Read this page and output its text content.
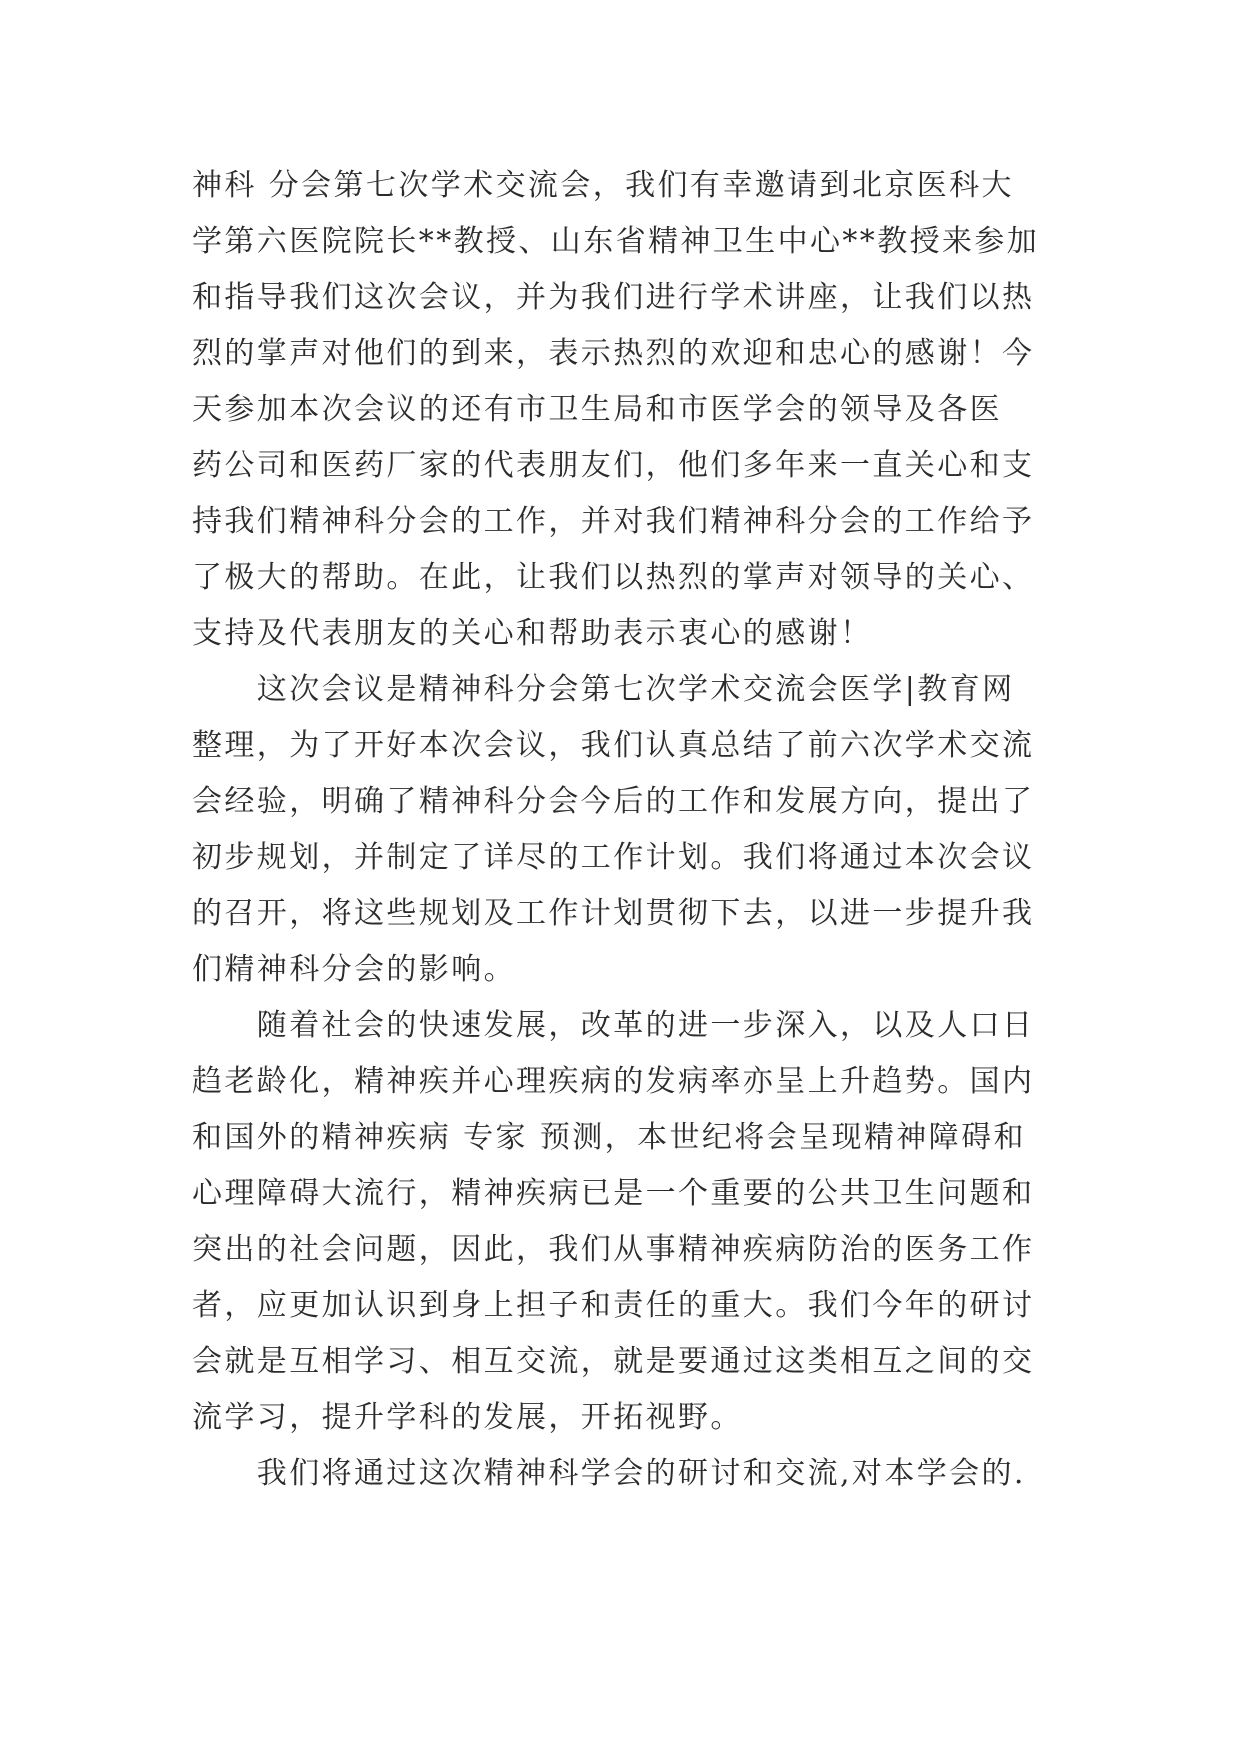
神科 分会第七次学术交流会，我们有幸邀请到北京医科大
学第六医院院长**教授、山东省精神卫生中心**教授来参加
和指导我们这次会议，并为我们进行学术讲座，让我们以热
烈的掌声对他们的到来，表示热烈的欢迎和忠心的感谢！今
天参加本次会议的还有市卫生局和市医学会的领导及各医
药公司和医药厂家的代表朋友们，他们多年来一直关心和支
持我们精神科分会的工作，并对我们精神科分会的工作给予
了极大的帮助。在此，让我们以热烈的掌声对领导的关心、
支持及代表朋友的关心和帮助表示衷心的感谢！
　　这次会议是精神科分会第七次学术交流会医学|教育网
整理，为了开好本次会议，我们认真总结了前六次学术交流
会经验，明确了精神科分会今后的工作和发展方向，提出了
初步规划，并制定了详尽的工作计划。我们将通过本次会议
的召开，将这些规划及工作计划贯彻下去，以进一步提升我
们精神科分会的影响。
　　随着社会的快速发展，改革的进一步深入，以及人口日
趋老龄化，精神疾并心理疾病的发病率亦呈上升趋势。国内
和国外的精神疾病 专家 预测，本世纪将会呈现精神障碍和
心理障碍大流行，精神疾病已是一个重要的公共卫生问题和
突出的社会问题，因此，我们从事精神疾病防治的医务工作
者，应更加认识到身上担子和责任的重大。我们今年的研讨
会就是互相学习、相互交流，就是要通过这类相互之间的交
流学习，提升学科的发展，开拓视野。
　　我们将通过这次精神科学会的研讨和交流,对本学会的.
